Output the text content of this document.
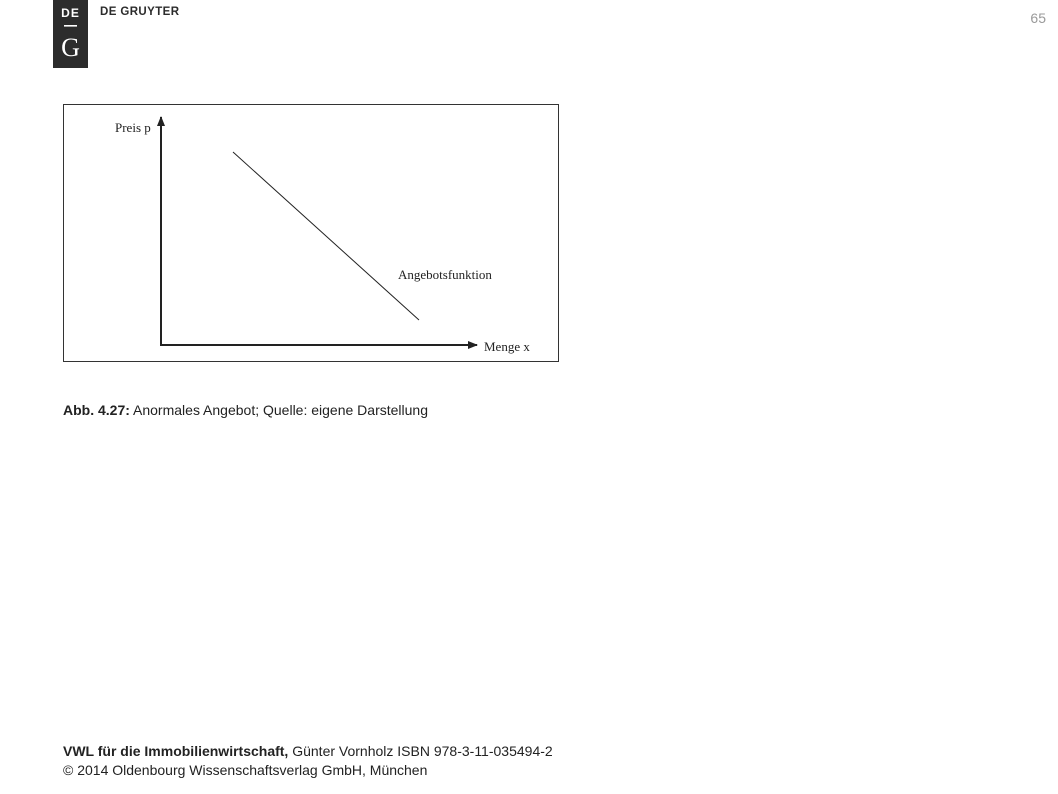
DE
G
DE GRUYTER	65
Preis p
Menge x
Angebotsfunktion
Abb. 4.27: Anormales Angebot; Quelle: eigene Darstellung
VWL für die Immobilienwirtschaft, Günter Vornholz ISBN 978-3-11-035494-2
© 2014 Oldenbourg Wissenschaftsverlag GmbH, München
